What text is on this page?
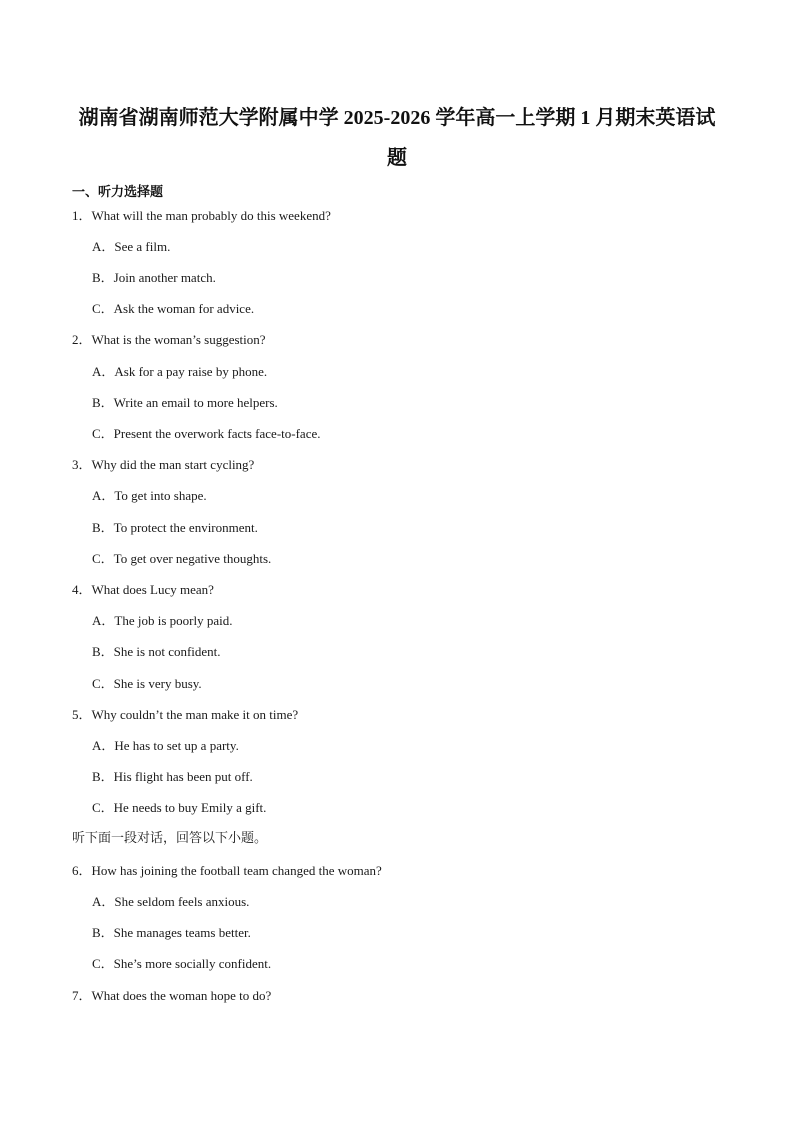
湖南省湖南师范大学附属中学 2025-2026 学年高一上学期 1 月期末英语试
题
一、听力选择题
1．What will the man probably do this weekend?
A．See a film.
B．Join another match.
C．Ask the woman for advice.
2．What is the woman’s suggestion?
A．Ask for a pay raise by phone.
B．Write an email to more helpers.
C．Present the overwork facts face-to-face.
3．Why did the man start cycling?
A．To get into shape.
B．To protect the environment.
C．To get over negative thoughts.
4．What does Lucy mean?
A．The job is poorly paid.
B．She is not confident.
C．She is very busy.
5．Why couldn’t the man make it on time?
A．He has to set up a party.
B．His flight has been put off.
C．He needs to buy Emily a gift.
听下面一段对话，回答以下小题。
6．How has joining the football team changed the woman?
A．She seldom feels anxious.
B．She manages teams better.
C．She’s more socially confident.
7．What does the woman hope to do?
